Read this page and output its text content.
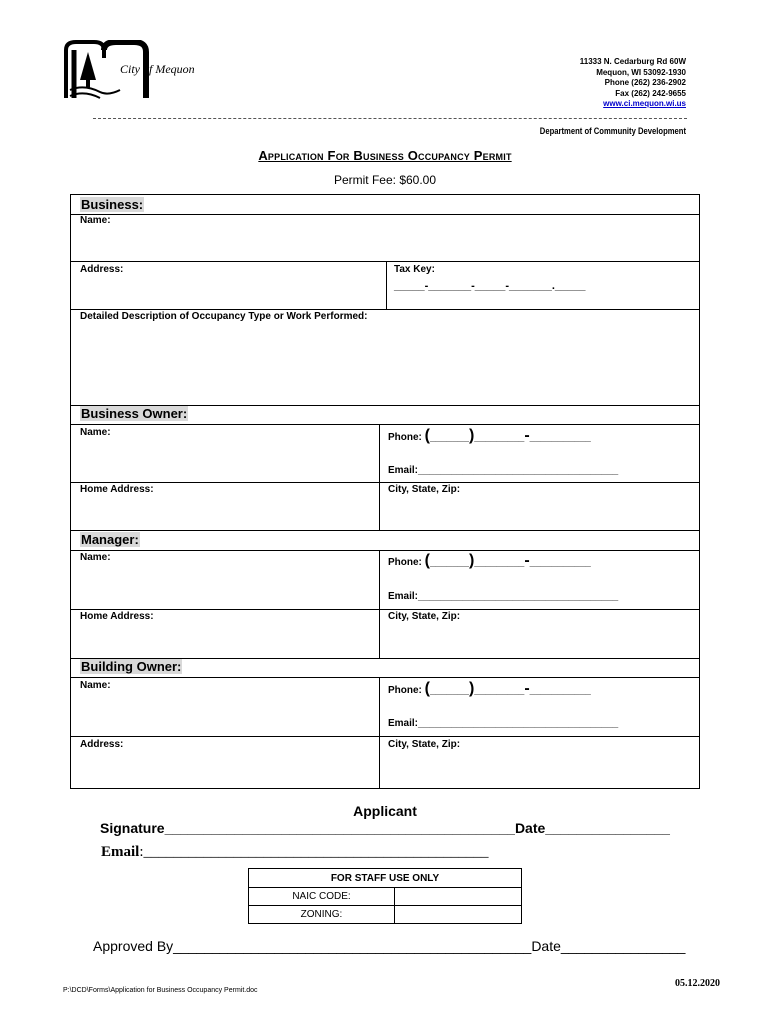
City of Mequon
11333 N. Cedarburg Rd 60W
Mequon, WI 53092-1930
Phone (262) 236-2902
Fax (262) 242-9655
www.ci.mequon.wi.us
Department of Community Development
Application For Business Occupancy Permit
Permit Fee: $60.00
Business:
Name:
Address:	Tax Key:
_____-_______-_____-_______._____
Detailed Description of Occupancy Type or Work Performed:
Business Owner:
Name:	Phone: (_______)_________-___________
Email:____________________________________
Home Address:	City, State, Zip:
Manager:
Name:	Phone: (_______)_________-___________
Email:____________________________________
Home Address:	City, State, Zip:
Building Owner:
Name:	Phone: (_______)_________-___________
Email:____________________________________
Address:	City, State, Zip:
Applicant
Signature_____________________________________________Date________________
Email:______________________________________________
FOR STAFF USE ONLY	
NAIC CODE:	
ZONING:	
Approved By______________________________________________Date________________
05.12.2020
P:\DCD\Forms\Application for Business Occupancy Permit.doc
